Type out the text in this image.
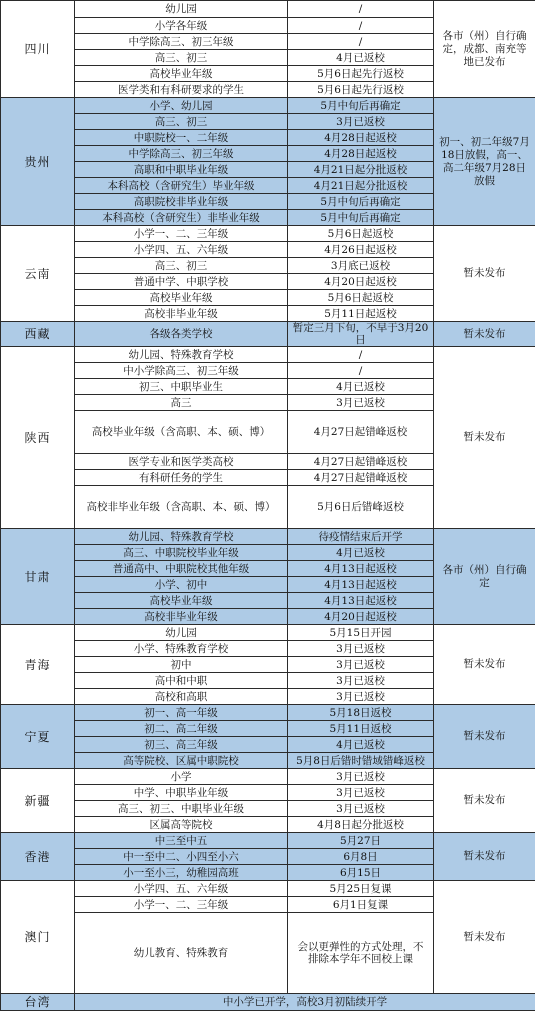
四川	幼儿园	/	各市（州）自行确定，成都、南充等地已发布
	小学各年级	/	
	中学除高三、初三年级	/	
	高三、初三	4月已返校	
	高校毕业年级	5月6日起先行返校	
	医学类和有科研要求的学生	5月6日起先行返校	
贵州	小学、幼儿园	5月中旬后再确定	初一、初二年级7月18日放假，高一、高二年级7月28日放假
	高三、初三	3月已返校	
	中职院校一、二年级	4月28日起返校	
	中学除高三、初三年级	4月28日起返校	
	高职和中职毕业年级	4月21日起分批返校	
	本科高校（含研究生）毕业年级	4月21日起分批返校	
	高职院校非毕业年级	5月中旬后再确定	
	本科高校（含研究生）非毕业年级	5月中旬后再确定	
云南	小学一、二、三年级	5月6日起返校	暂未发布
	小学四、五、六年级	4月26日起返校	
	高三、初三	3月底已返校	
	普通中学、中职学校	4月20日起返校	
	高校毕业年级	5月6日起返校	
	高校非毕业年级	5月11日起返校	
西藏	各级各类学校	暂定三月下旬，不早于3月20日	暂未发布
陕西	幼儿园、特殊教育学校	/	暂未发布
	中小学除高三、初三年级	/	
	初三、中职毕业生	4月已返校	
	高三	3月已返校	
	高校毕业年级（含高职、本、硕、博）	4月27日起错峰返校	
	医学专业和医学类高校	4月27日起错峰返校	
	有科研任务的学生	4月27日起错峰返校	
	高校非毕业年级（含高职、本、硕、博）	5月6日后错峰返校	
甘肃	幼儿园、特殊教育学校	待疫情结束后开学	各市（州）自行确定
	高三、中职院校毕业年级	4月已返校	
	普通高中、中职院校其他年级	4月13日起返校	
	小学、初中	4月13日起返校	
	高校毕业年级	4月13日起返校	
	高校非毕业年级	4月20日起返校	
青海	幼儿园	5月15日开园	暂未发布
	小学、特殊教育学校	3月已返校	
	初中	3月已返校	
	高中和中职	3月已返校	
	高校和高职	3月已返校	
宁夏	初一、高一年级	5月18日返校	暂未发布
	初二、高二年级	5月11日返校	
	初三、高三年级	4月已返校	
	高等院校、区属中职院校	5月8日后错时错域错峰返校	
新疆	小学	3月已返校	暂未发布
	中学、中职毕业年级	3月已返校	
	高三、初三、中职毕业年级	3月已返校	
	区属高等院校	4月8日起分批返校	
香港	中三至中五	5月27日	暂未发布
	中一至中二、小四至小六	6月8日	
	小一至小三，幼稚园高班	6月15日	
澳门	小学四、五、六年级	5月25日复课	暂未发布
	小学一、二、三年级	6月1日复课	
	幼儿教育、特殊教育	会以更弹性的方式处理，不排除本学年不回校上课	
台湾	中小学已开学，高校3月初陆续开学		
